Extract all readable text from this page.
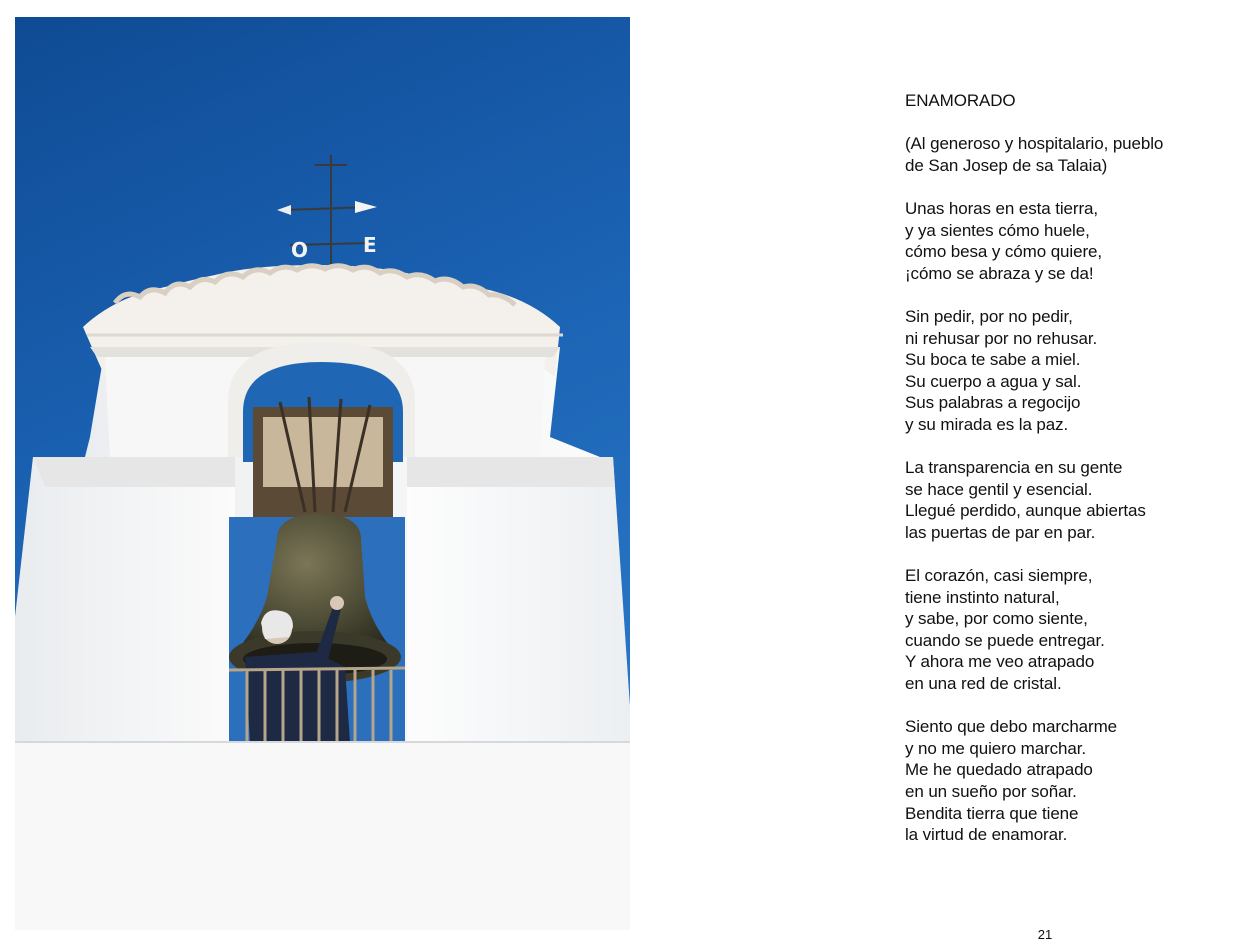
O	E
ENAMORADO
(Al generoso y hospitalario, pueblo
de San Josep de sa Talaia)
Unas horas en esta tierra,
y ya sientes cómo huele,
cómo besa y cómo quiere,
¡cómo se abraza y se da!
Sin pedir, por no pedir,
ni rehusar por no rehusar.
Su boca te sabe a miel.
Su cuerpo a agua y sal.
Sus palabras a regocijo
y su mirada es la paz.
La transparencia en su gente
se hace gentil y esencial.
Llegué perdido, aunque abiertas
las puertas de par en par.
El corazón, casi siempre,
tiene instinto natural,
y sabe, por como siente,
cuando se puede entregar.
Y ahora me veo atrapado
en una red de cristal.
Siento que debo marcharme
y no me quiero marchar.
Me he quedado atrapado
en un sueño por soñar.
Bendita tierra que tiene
la virtud de enamorar.
21
